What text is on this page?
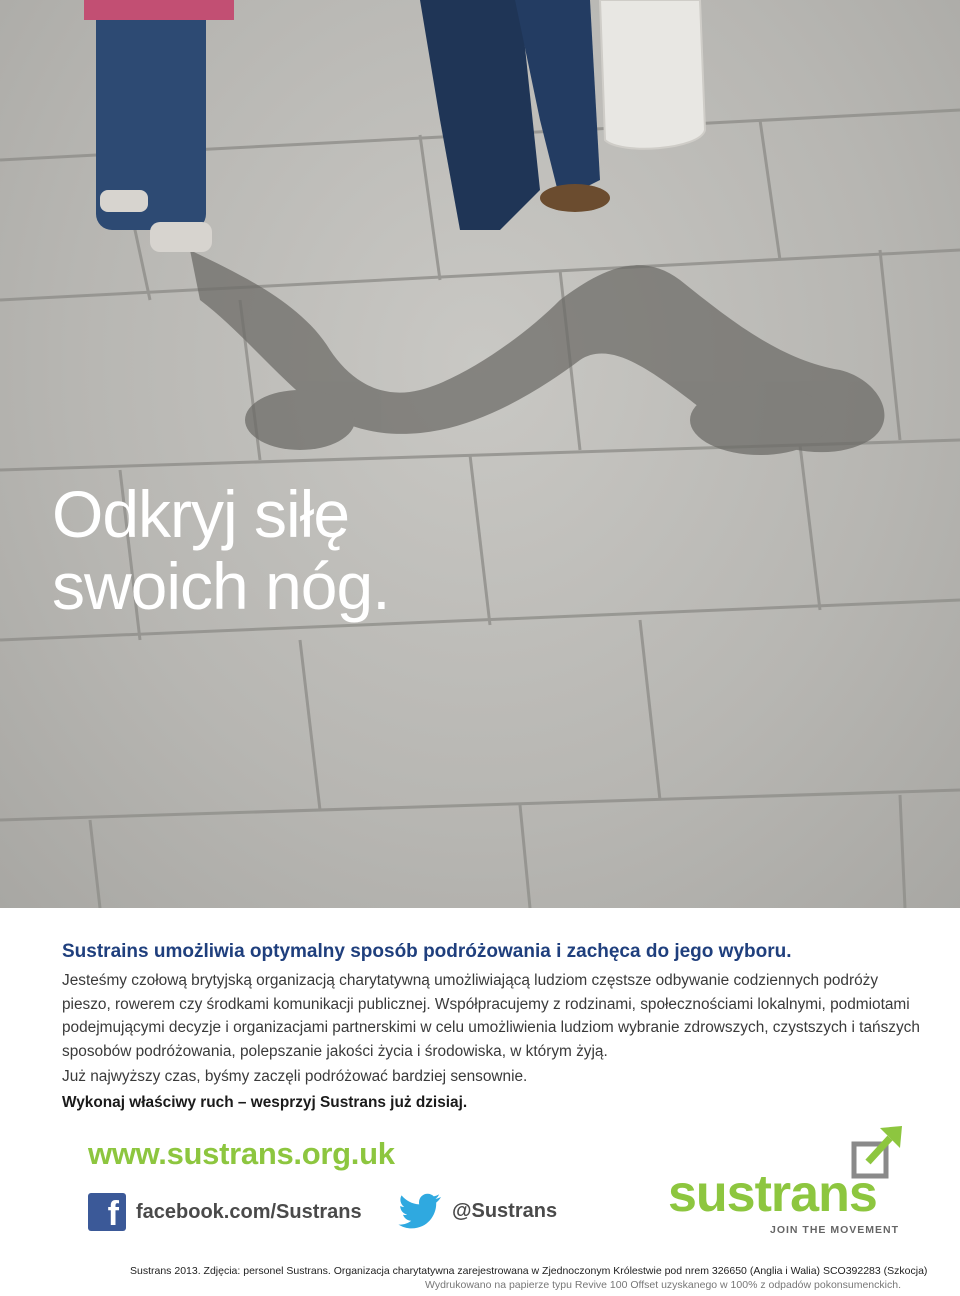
Odkryj siłę
swoich nóg.

Sustrains umożliwia optymalny sposób podróżowania i zachęca do jego wyboru.

Jesteśmy czołową brytyjską organizacją charytatywną umożliwiającą ludziom częstsze odbywanie codziennych podróży pieszo, rowerem czy środkami komunikacji publicznej. Współpracujemy z rodzinami, społecznościami lokalnymi, podmiotami podejmującymi decyzje i organizacjami partnerskimi w celu umożliwienia ludziom wybranie zdrowszych, czystszych i tańszych sposobów podróżowania, polepszanie jakości życia i środowiska, w którym żyją.

Już najwyższy czas, byśmy zaczęli podróżować bardziej sensownie.

Wykonaj właściwy ruch – wesprzyj Sustrans już dzisiaj.

www.sustrans.org.uk

f facebook.com/Sustrans	@Sustrans sustrans

JOIN THE MOVEMENT

Sustrans 2013. Zdjęcia: personel Sustrans. Organizacja charytatywna zarejestrowana w Zjednoczonym Królestwie pod nrem 326650 (Anglia i Walia) SCO392283 (Szkocja)

Wydrukowano na papierze typu Revive 100 Offset uzyskanego w 100% z odpadów pokonsumenckich.
